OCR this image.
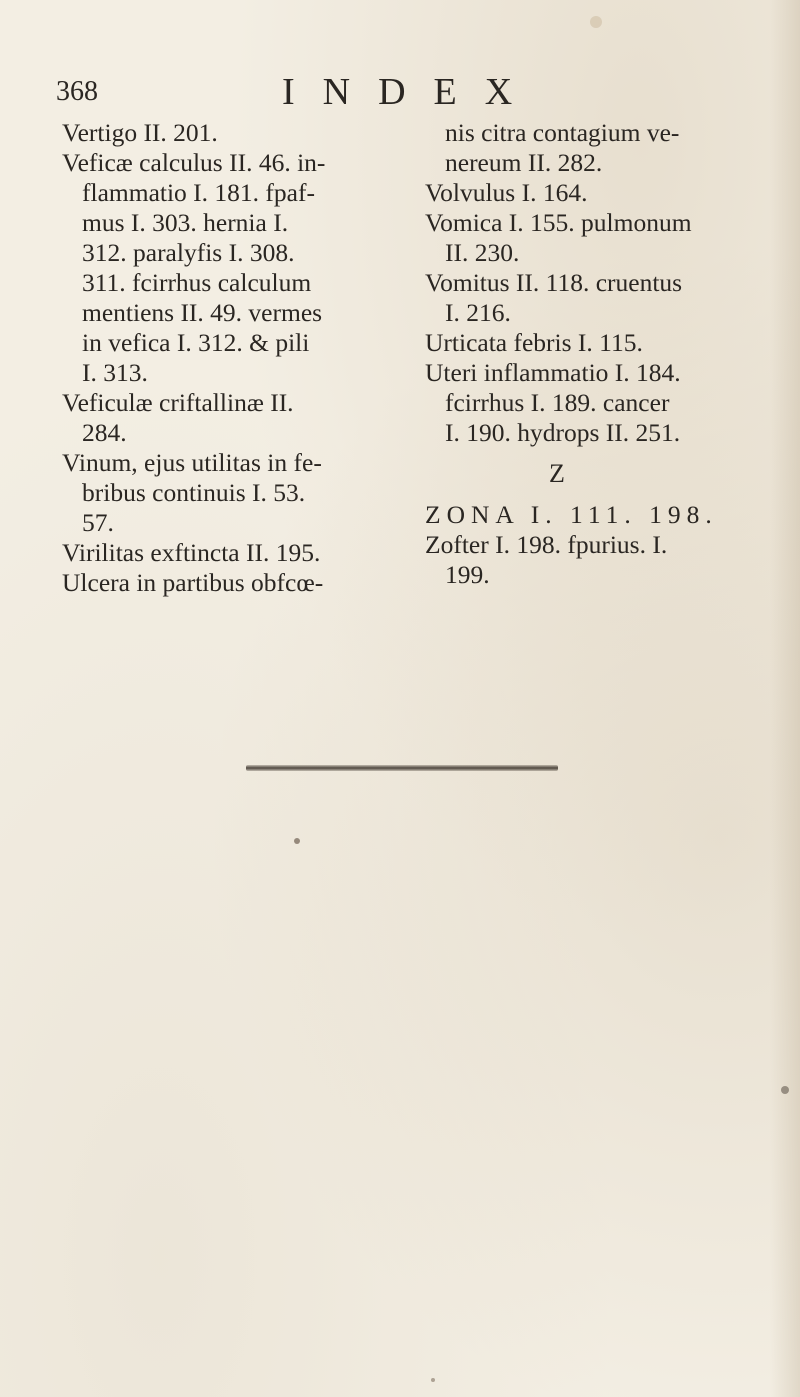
368	INDEX
Vertigo II. 201.
Veficæ calculus II. 46. in-
flammatio I. 181. fpaf-
mus I. 303. hernia I.
312. paralyfis I. 308.
311. fcirrhus calculum
mentiens II. 49. vermes
in vefica I. 312. & pili
I. 313.
Veficulæ criftallinæ II.
284.
Vinum, ejus utilitas in fe-
bribus continuis I. 53.
57.
Virilitas exftincta II. 195.
Ulcera in partibus obfcœ-
nis citra contagium ve-
nereum II. 282.
Volvulus I. 164.
Vomica I. 155. pulmonum
II. 230.
Vomitus II. 118. cruentus
I. 216.
Urticata febris I. 115.
Uteri inflammatio I. 184.
fcirrhus I. 189. cancer
I. 190. hydrops II. 251.
Z
ZONA I. 111. 198.
Zofter I. 198. fpurius. I.
199.
